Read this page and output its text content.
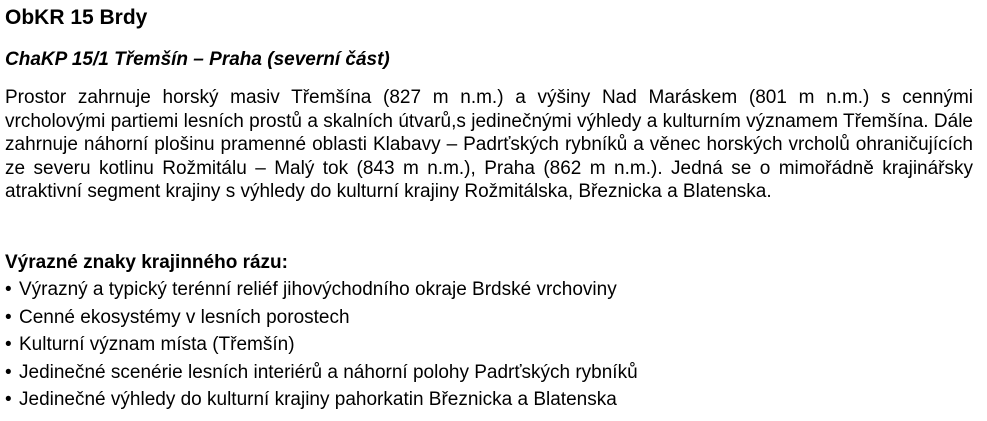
ObKR 15 Brdy
ChaKP 15/1 Třemšín – Praha (severní část)

Prostor zahrnuje horský masiv Třemšína (827 m n.m.) a výšiny Nad Maráskem (801 m n.m.) s cennými vrcholovými partiemi lesních prostů a skalních útvarů,s jedinečnými výhledy a kulturním významem Třemšína. Dále zahrnuje náhorní plošinu pramenné oblasti Klabavy – Padrťských rybníků a věnec horských vrcholů ohraničujících ze severu kotlinu Rožmitálu – Malý tok (843 m n.m.), Praha (862 m n.m.). Jedná se o mimořádně krajinářsky atraktivní segment krajiny s výhledy do kulturní krajiny Rožmitálska, Březnicka a Blatenska.

Výrazné znaky krajinného rázu:
• Výrazný a typický terénní reliéf jihovýchodního okraje Brdské vrchoviny
• Cenné ekosystémy v lesních porostech
• Kulturní význam místa (Třemšín)
• Jedinečné scenérie lesních interiérů a náhorní polohy Padrťských rybníků
• Jedinečné výhledy do kulturní krajiny pahorkatin Březnicka a Blatenska
